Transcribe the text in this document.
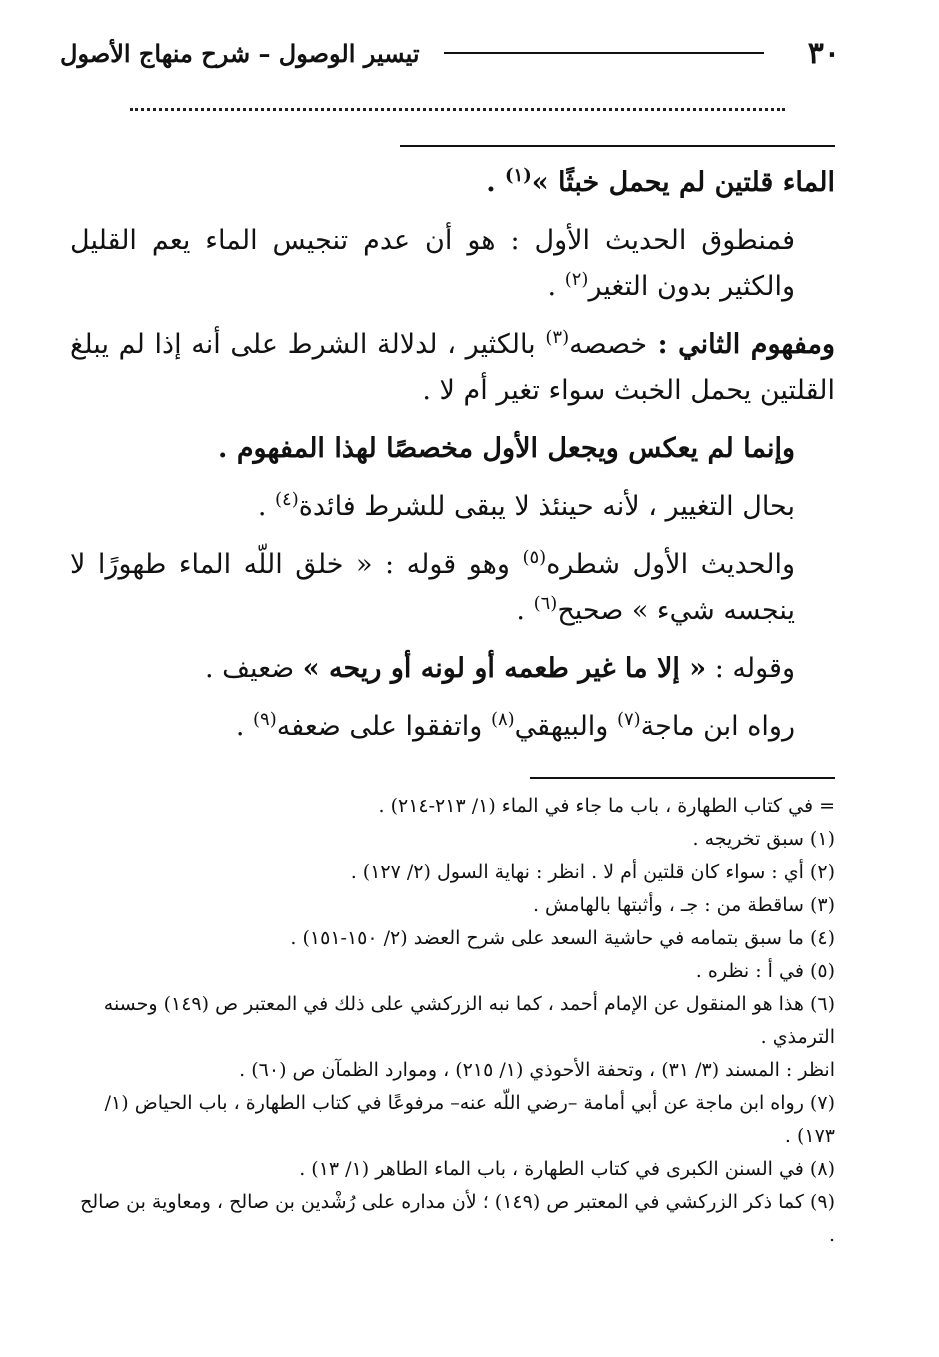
٣٠
تيسير الوصول – شرح منهاج الأصول

الماء قلتين لم يحمل خبثًا »$^{(١)}$ .

فمنطوق الحديث الأول : هو أن عدم تنجيس الماء يعم القليل والكثير بدون التغير$^{(٢)}$ .

ومفهوم الثاني : خصصه$^{(٣)}$ بالكثير ، لدلالة الشرط على أنه إذا لم يبلغ القلتين يحمل الخبث سواء تغير أم لا .

وإنما لم يعكس ويجعل الأول مخصصًا لهذا المفهوم .

بحال التغيير ، لأنه حينئذ لا يبقى للشرط فائدة$^{(٤)}$ .

والحديث الأول شطره$^{(٥)}$ وهو قوله : « خلق اللّه الماء طهورًا لا ينجسه شيء » صحيح$^{(٦)}$ .

وقوله : « إلا ما غير طعمه أو لونه أو ريحه » ضعيف .

رواه ابن ماجة$^{(٧)}$ والبيهقي$^{(٨)}$ واتفقوا على ضعفه$^{(٩)}$ .

= في كتاب الطهارة ، باب ما جاء في الماء (١/ ٢١٣-٢١٤) .

(١) سبق تخريجه .

(٢) أي : سواء كان قلتين أم لا . انظر : نهاية السول (٢/ ١٢٧) .

(٣) ساقطة من : جـ ، وأثبتها بالهامش .

(٤) ما سبق بتمامه في حاشية السعد على شرح العضد (٢/ ١٥٠-١٥١) .

(٥) في أ : نظره .

(٦) هذا هو المنقول عن الإمام أحمد ، كما نبه الزركشي على ذلك في المعتبر ص (١٤٩) وحسنه الترمذي .

انظر : المسند (٣/ ٣١) ، وتحفة الأحوذي (١/ ٢١٥) ، وموارد الظمآن ص (٦٠) .

(٧) رواه ابن ماجة عن أبي أمامة –رضي اللّه عنه– مرفوعًا في كتاب الطهارة ، باب الحياض (١/ ١٧٣) .

(٨) في السنن الكبرى في كتاب الطهارة ، باب الماء الطاهر (١/ ١٣) .

(٩) كما ذكر الزركشي في المعتبر ص (١٤٩) ؛ لأن مداره على رُشْدين بن صالح ، ومعاوية بن صالح .
